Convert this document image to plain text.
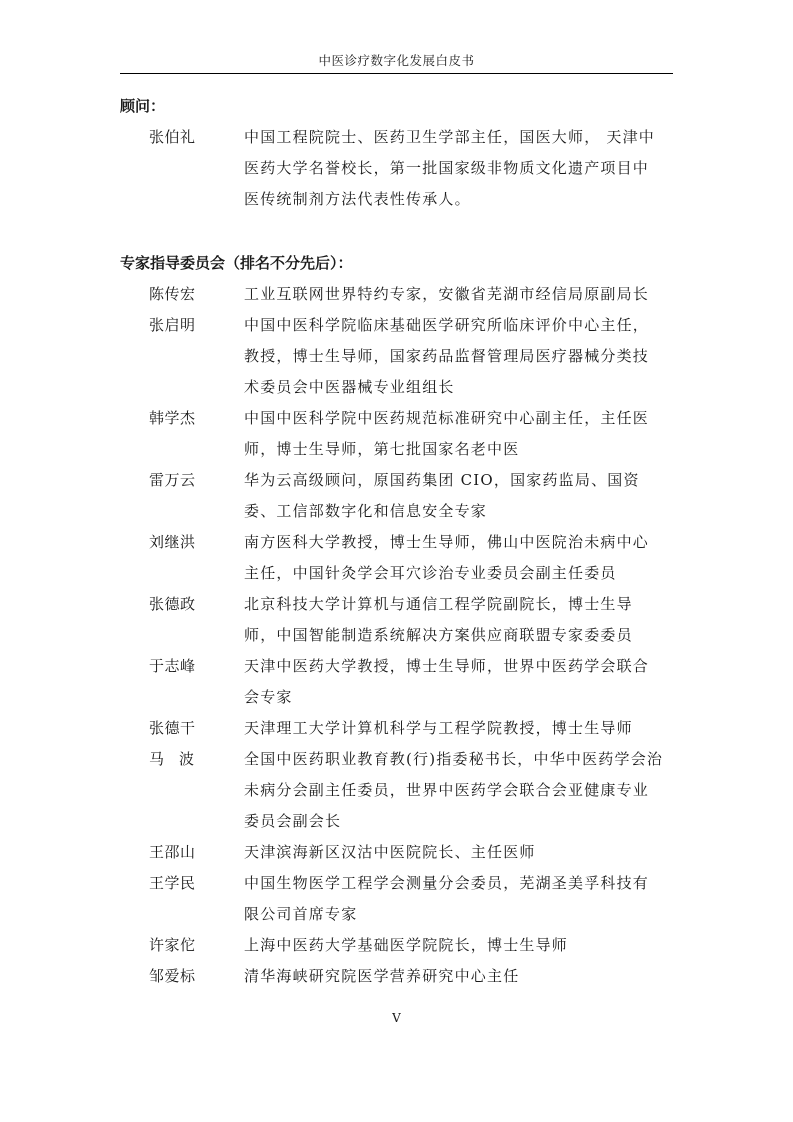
中医诊疗数字化发展白皮书
顾问：
张伯礼	中国工程院院士、医药卫生学部主任，国医大师， 天津中医药大学名誉校长，第一批国家级非物质文化遗产项目中医传统制剂方法代表性传承人。
专家指导委员会（排名不分先后）：
陈传宏	工业互联网世界特约专家，安徽省芜湖市经信局原副局长
张启明	中国中医科学院临床基础医学研究所临床评价中心主任，教授，博士生导师，国家药品监督管理局医疗器械分类技术委员会中医器械专业组组长
韩学杰	中国中医科学院中医药规范标准研究中心副主任，主任医师，博士生导师，第七批国家名老中医
雷万云	华为云高级顾问，原国药集团 CIO，国家药监局、国资委、工信部数字化和信息安全专家
刘继洪	南方医科大学教授，博士生导师，佛山中医院治未病中心主任，中国针灸学会耳穴诊治专业委员会副主任委员
张德政	北京科技大学计算机与通信工程学院副院长，博士生导师，中国智能制造系统解决方案供应商联盟专家委委员
于志峰	天津中医药大学教授，博士生导师，世界中医药学会联合会专家
张德干	天津理工大学计算机科学与工程学院教授，博士生导师
马波	全国中医药职业教育教(行)指委秘书长，中华中医药学会治未病分会副主任委员，世界中医药学会联合会亚健康专业委员会副会长
王邵山	天津滨海新区汉沽中医院院长、主任医师
王学民	中国生物医学工程学会测量分会委员，芜湖圣美孚科技有限公司首席专家
许家佗	上海中医药大学基础医学院院长，博士生导师
邹爱标	清华海峡研究院医学营养研究中心主任
V
